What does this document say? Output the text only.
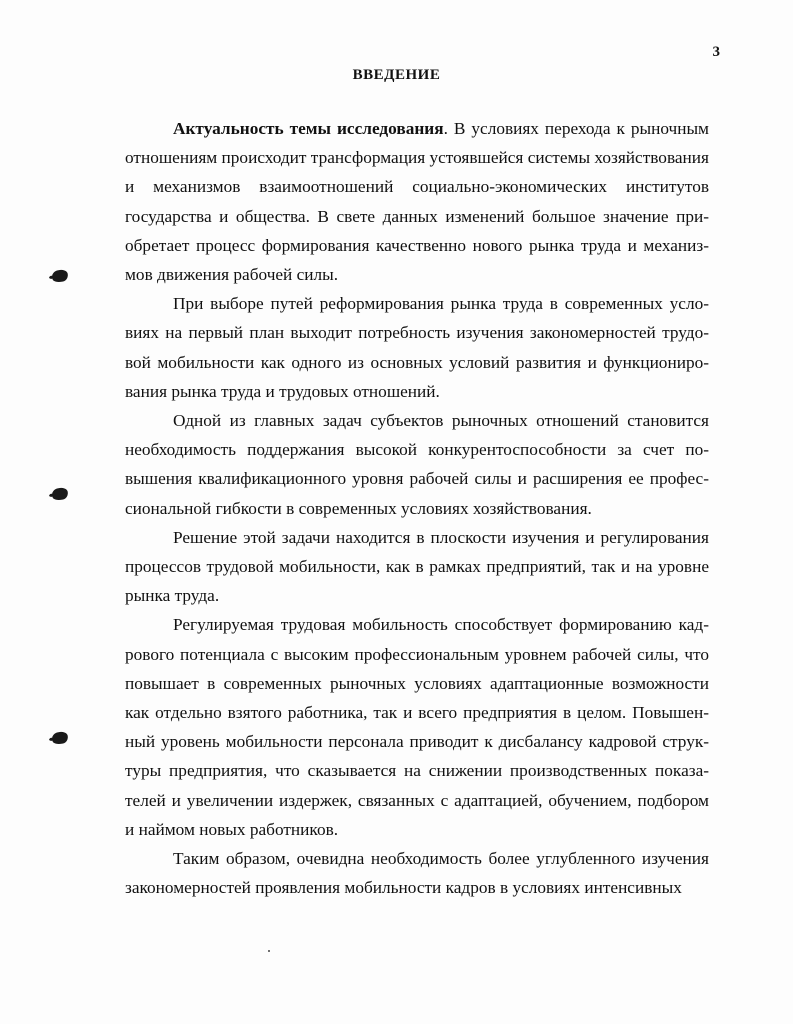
3
ВВЕДЕНИЕ

Актуальность темы исследования. В условиях перехода к рыночным отношениям происходит трансформация устоявшейся системы хозяйствования и механизмов взаимоотношений социально-экономических институтов государства и общества. В свете данных изменений большое значение приобретает процесс формирования качественно нового рынка труда и механизмов движения рабочей силы.

При выборе путей реформирования рынка труда в современных условиях на первый план выходит потребность изучения закономерностей трудовой мобильности как одного из основных условий развития и функционирования рынка труда и трудовых отношений.

Одной из главных задач субъектов рыночных отношений становится необходимость поддержания высокой конкурентоспособности за счет повышения квалификационного уровня рабочей силы и расширения ее профессиональной гибкости в современных условиях хозяйствования.

Решение этой задачи находится в плоскости изучения и регулирования процессов трудовой мобильности, как в рамках предприятий, так и на уровне рынка труда.

Регулируемая трудовая мобильность способствует формированию кадрового потенциала с высоким профессиональным уровнем рабочей силы, что повышает в современных рыночных условиях адаптационные возможности как отдельно взятого работника, так и всего предприятия в целом. Повышенный уровень мобильности персонала приводит к дисбалансу кадровой структуры предприятия, что сказывается на снижении производственных показателей и увеличении издержек, связанных с адаптацией, обучением, подбором и наймом новых работников.

Таким образом, очевидна необходимость более углубленного изучения закономерностей проявления мобильности кадров в условиях интенсивных
